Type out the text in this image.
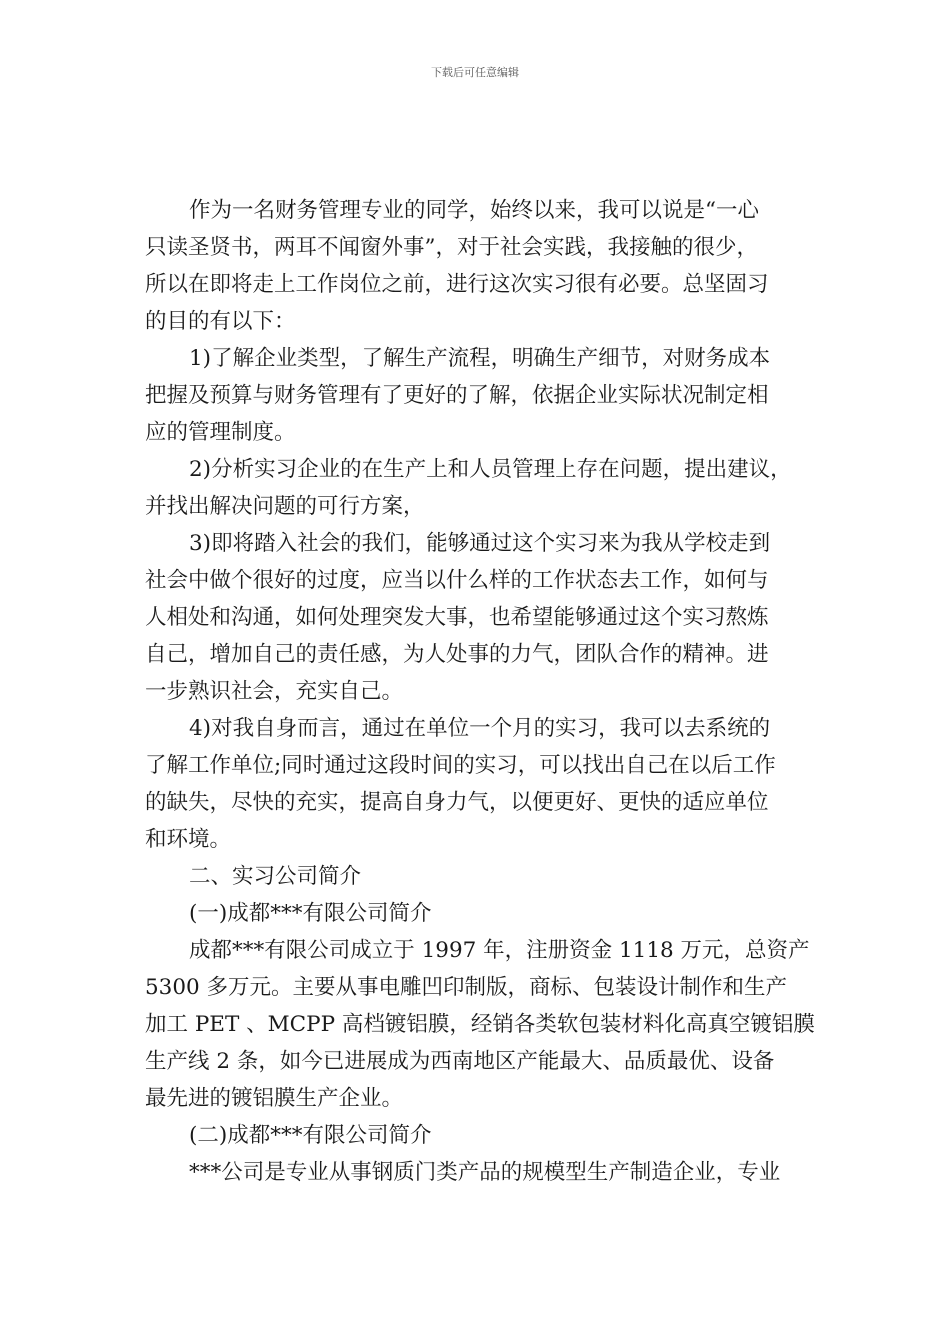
下载后可任意编辑
作为一名财务管理专业的同学，始终以来，我可以说是“一心
只读圣贤书，两耳不闻窗外事”，对于社会实践，我接触的很少，
所以在即将走上工作岗位之前，进行这次实习很有必要。总坚固习
的目的有以下：
1)了解企业类型，了解生产流程，明确生产细节，对财务成本
把握及预算与财务管理有了更好的了解，依据企业实际状况制定相
应的管理制度。
2)分析实习企业的在生产上和人员管理上存在问题，提出建议，
并找出解决问题的可行方案，
3)即将踏入社会的我们，能够通过这个实习来为我从学校走到
社会中做个很好的过度，应当以什么样的工作状态去工作，如何与
人相处和沟通，如何处理突发大事，也希望能够通过这个实习熬炼
自己，增加自己的责任感，为人处事的力气，团队合作的精神。进
一步熟识社会，充实自己。
4)对我自身而言，通过在单位一个月的实习，我可以去系统的
了解工作单位;同时通过这段时间的实习，可以找出自己在以后工作
的缺失，尽快的充实，提高自身力气，以便更好、更快的适应单位
和环境。
二、实习公司简介
(一)成都***有限公司简介
成都***有限公司成立于 1997 年，注册资金 1118 万元，总资产
5300 多万元。主要从事电雕凹印制版，商标、包装设计制作和生产
加工 PET 、MCPP 高档镀铝膜，经销各类软包装材料化高真空镀铝膜
生产线 2 条，如今已进展成为西南地区产能最大、品质最优、设备
最先进的镀铝膜生产企业。
(二)成都***有限公司简介
***公司是专业从事钢质门类产品的规模型生产制造企业，专业
